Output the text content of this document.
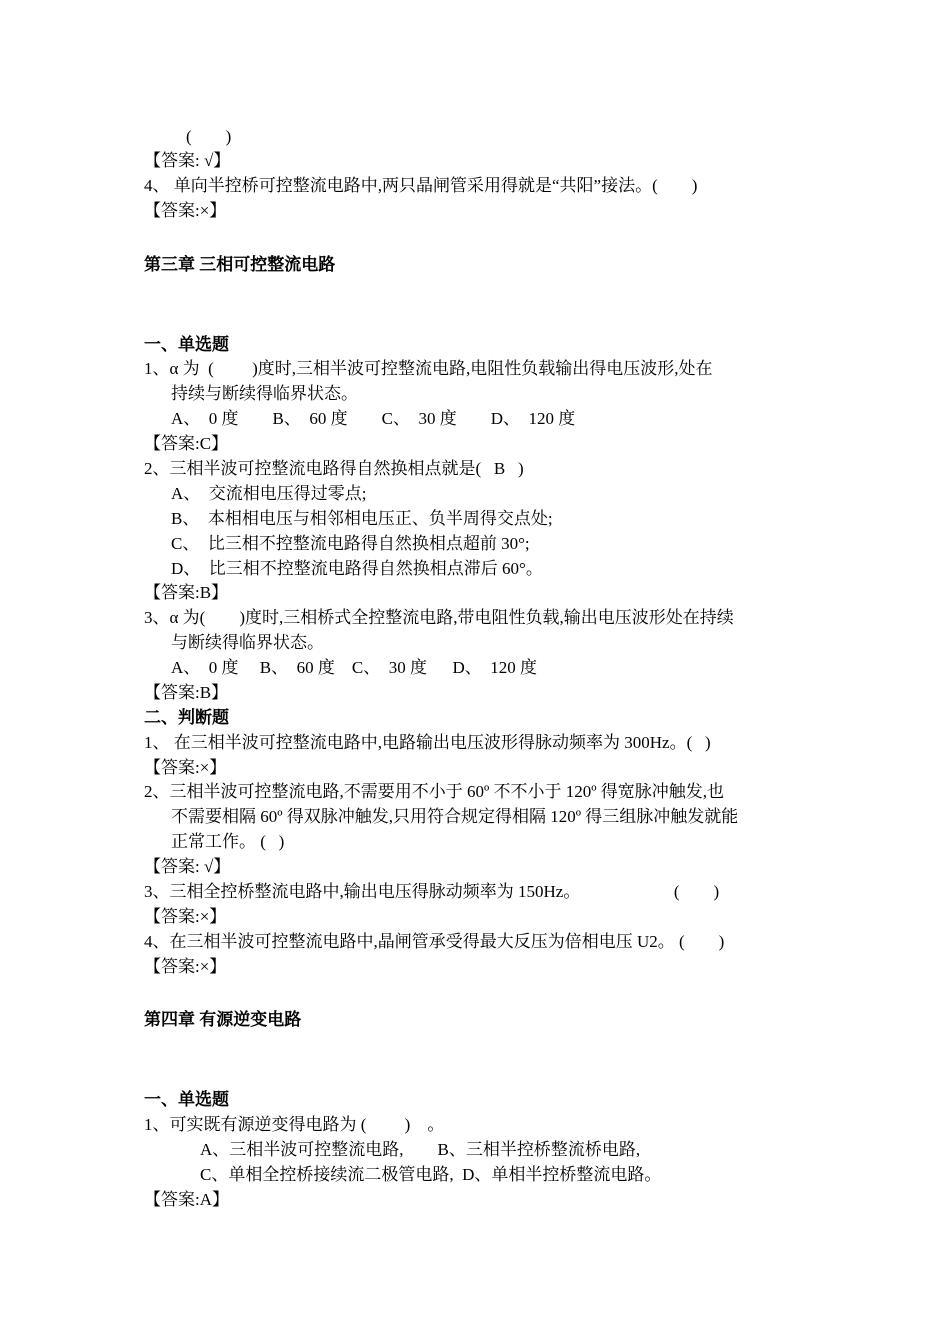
(　　)
【答案: √】
4、 单向半控桥可控整流电路中,两只晶闸管采用得就是“共阳”接法。(　　)
【答案:×】
第三章 三相可控整流电路
一、单选题
1、α 为  (　　 )度时,三相半波可控整流电路,电阻性负载输出得电压波形,处在
持续与断续得临界状态。
A、  0 度　　B、  60 度　　C、  30 度　　D、  120 度
【答案:C】
2、三相半波可控整流电路得自然换相点就是(   B   )
A、  交流相电压得过零点;
B、  本相相电压与相邻相电压正、负半周得交点处;
C、  比三相不控整流电路得自然换相点超前 30°;
D、  比三相不控整流电路得自然换相点滞后 60°。
【答案:B】
3、α 为(　　)度时,三相桥式全控整流电路,带电阻性负载,输出电压波形处在持续
与断续得临界状态。
A、  0 度　 B、  60 度　C、  30 度　  D、  120 度
【答案:B】
二、判断题
1、 在三相半波可控整流电路中,电路输出电压波形得脉动频率为 300Hz。(   )
【答案:×】
2、三相半波可控整流电路,不需要用不小于 60º 不不小于 120º 得宽脉冲触发,也
不需要相隔 60º 得双脉冲触发,只用符合规定得相隔 120º 得三组脉冲触发就能
正常工作。 (   )
【答案: √】
3、三相全控桥整流电路中,输出电压得脉动频率为 150Hz。　　　　　　(　　)
【答案:×】
4、在三相半波可控整流电路中,晶闸管承受得最大反压为倍相电压 U2。 (　　)
【答案:×】
第四章 有源逆变电路
一、单选题
1、可实既有源逆变得电路为 (　　 )　。
A、三相半波可控整流电路,　　B、三相半控桥整流桥电路,
C、单相全控桥接续流二极管电路,  D、单相半控桥整流电路。
【答案:A】
